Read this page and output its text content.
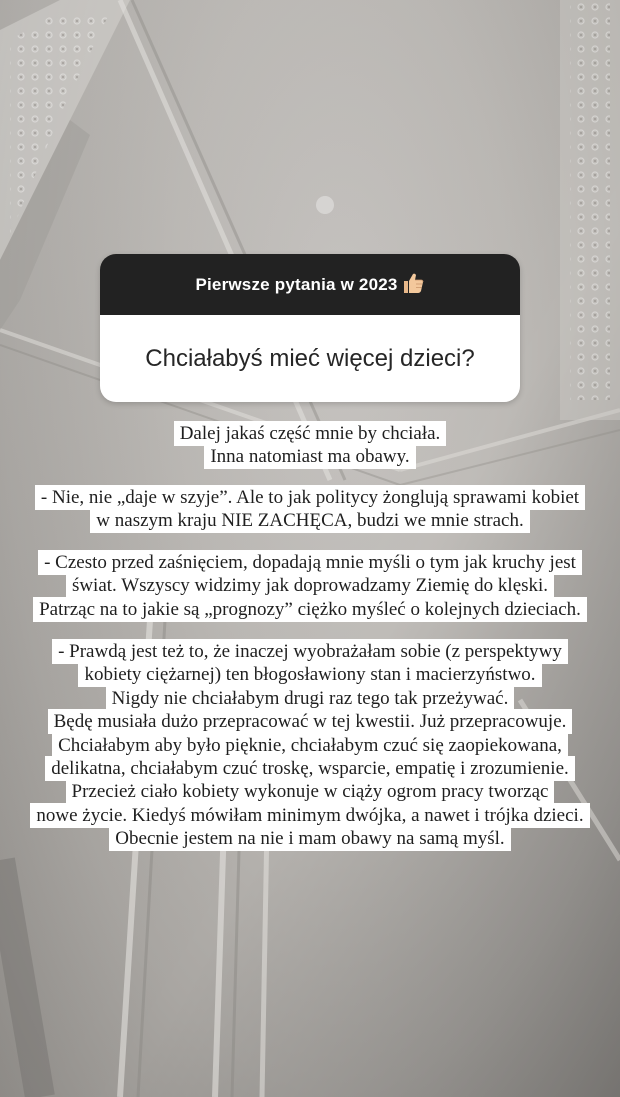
Pierwsze pytania w 2023
Chciałabyś mieć więcej dzieci?

Dalej jakaś część mnie by chciała.
Inna natomiast ma obawy.

- Nie, nie „daje w szyje”. Ale to jak politycy żonglują sprawami kobiet
w naszym kraju NIE ZACHĘCA, budzi we mnie strach.

- Czesto przed zaśnięciem, dopadają mnie myśli o tym jak kruchy jest
świat. Wszyscy widzimy jak doprowadzamy Ziemię do klęski.
Patrząc na to jakie są „prognozy” ciężko myśleć o kolejnych dzieciach.

- Prawdą jest też to, że inaczej wyobrażałam sobie (z perspektywy
kobiety ciężarnej) ten błogosławiony stan i macierzyństwo.
Nigdy nie chciałabym drugi raz tego tak przeżywać.
Będę musiała dużo przepracować w tej kwestii. Już przepracowuje.
Chciałabym aby było pięknie, chciałabym czuć się zaopiekowana,
delikatna, chciałabym czuć troskę, wsparcie, empatię i zrozumienie.
Przecież ciało kobiety wykonuje w ciąży ogrom pracy tworząc
nowe życie. Kiedyś mówiłam minimym dwójka, a nawet i trójka dzieci.
Obecnie jestem na nie i mam obawy na samą myśl.
